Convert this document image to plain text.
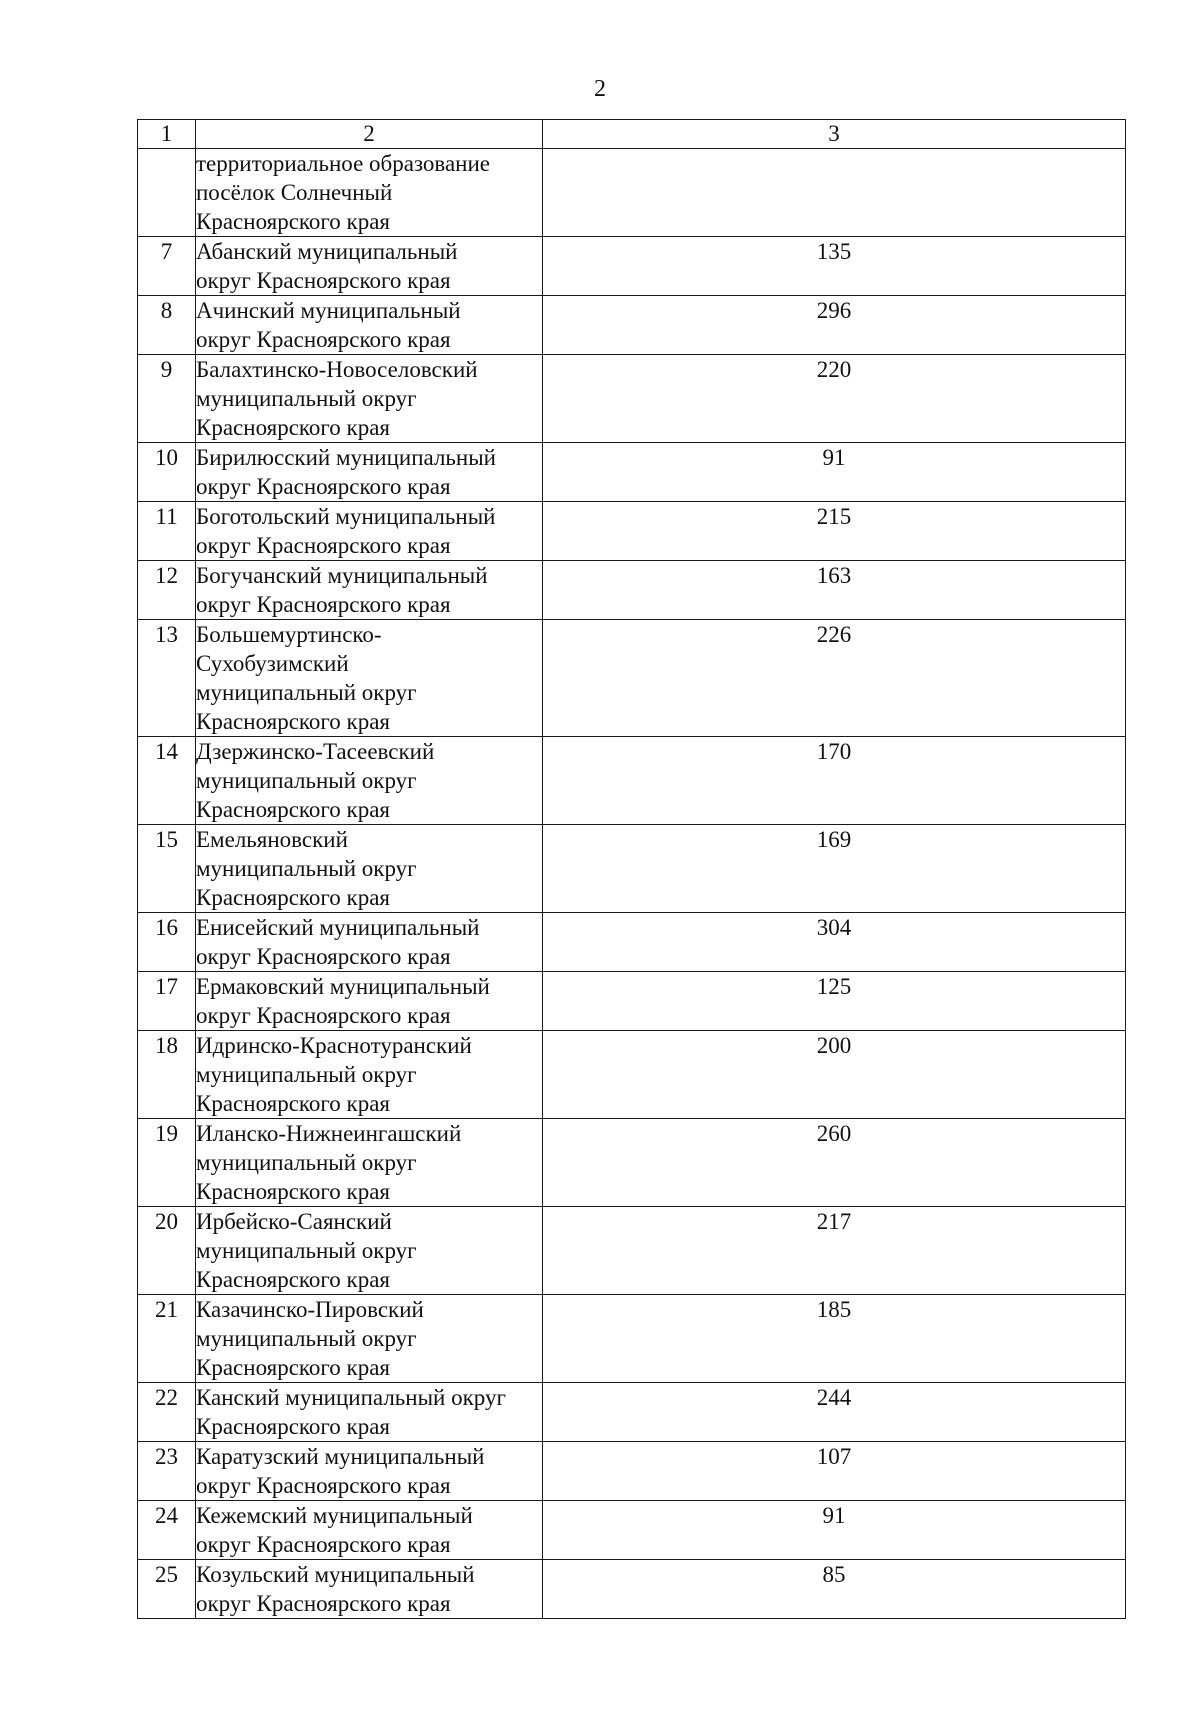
2
1	2	3

	территориальное образование
посёлок Солнечный
Красноярского края	

7	Абанский муниципальный
округ Красноярского края	135
8	Ачинский муниципальный
округ Красноярского края	296
9	Балахтинско-Новоселовский
муниципальный округ
Красноярского края	220
10	Бирилюсский муниципальный
округ Красноярского края	91
11	Боготольский муниципальный
округ Красноярского края	215
12	Богучанский муниципальный
округ Красноярского края	163
13	Большемуртинско-
Сухобузимский
муниципальный округ
Красноярского края	226
14	Дзержинско-Тасеевский
муниципальный округ
Красноярского края	170
15	Емельяновский
муниципальный округ
Красноярского края	169
16	Енисейский муниципальный
округ Красноярского края	304
17	Ермаковский муниципальный
округ Красноярского края	125
18	Идринско-Краснотуранский
муниципальный округ
Красноярского края	200
19	Иланско-Нижнеингашский
муниципальный округ
Красноярского края	260
20	Ирбейско-Саянский
муниципальный округ
Красноярского края	217
21	Казачинско-Пировский
муниципальный округ
Красноярского края	185
22	Канский муниципальный округ
Красноярского края	244
23	Каратузский муниципальный
округ Красноярского края	107
24	Кежемский муниципальный
округ Красноярского края	91
25	Козульский муниципальный
округ Красноярского края	85
